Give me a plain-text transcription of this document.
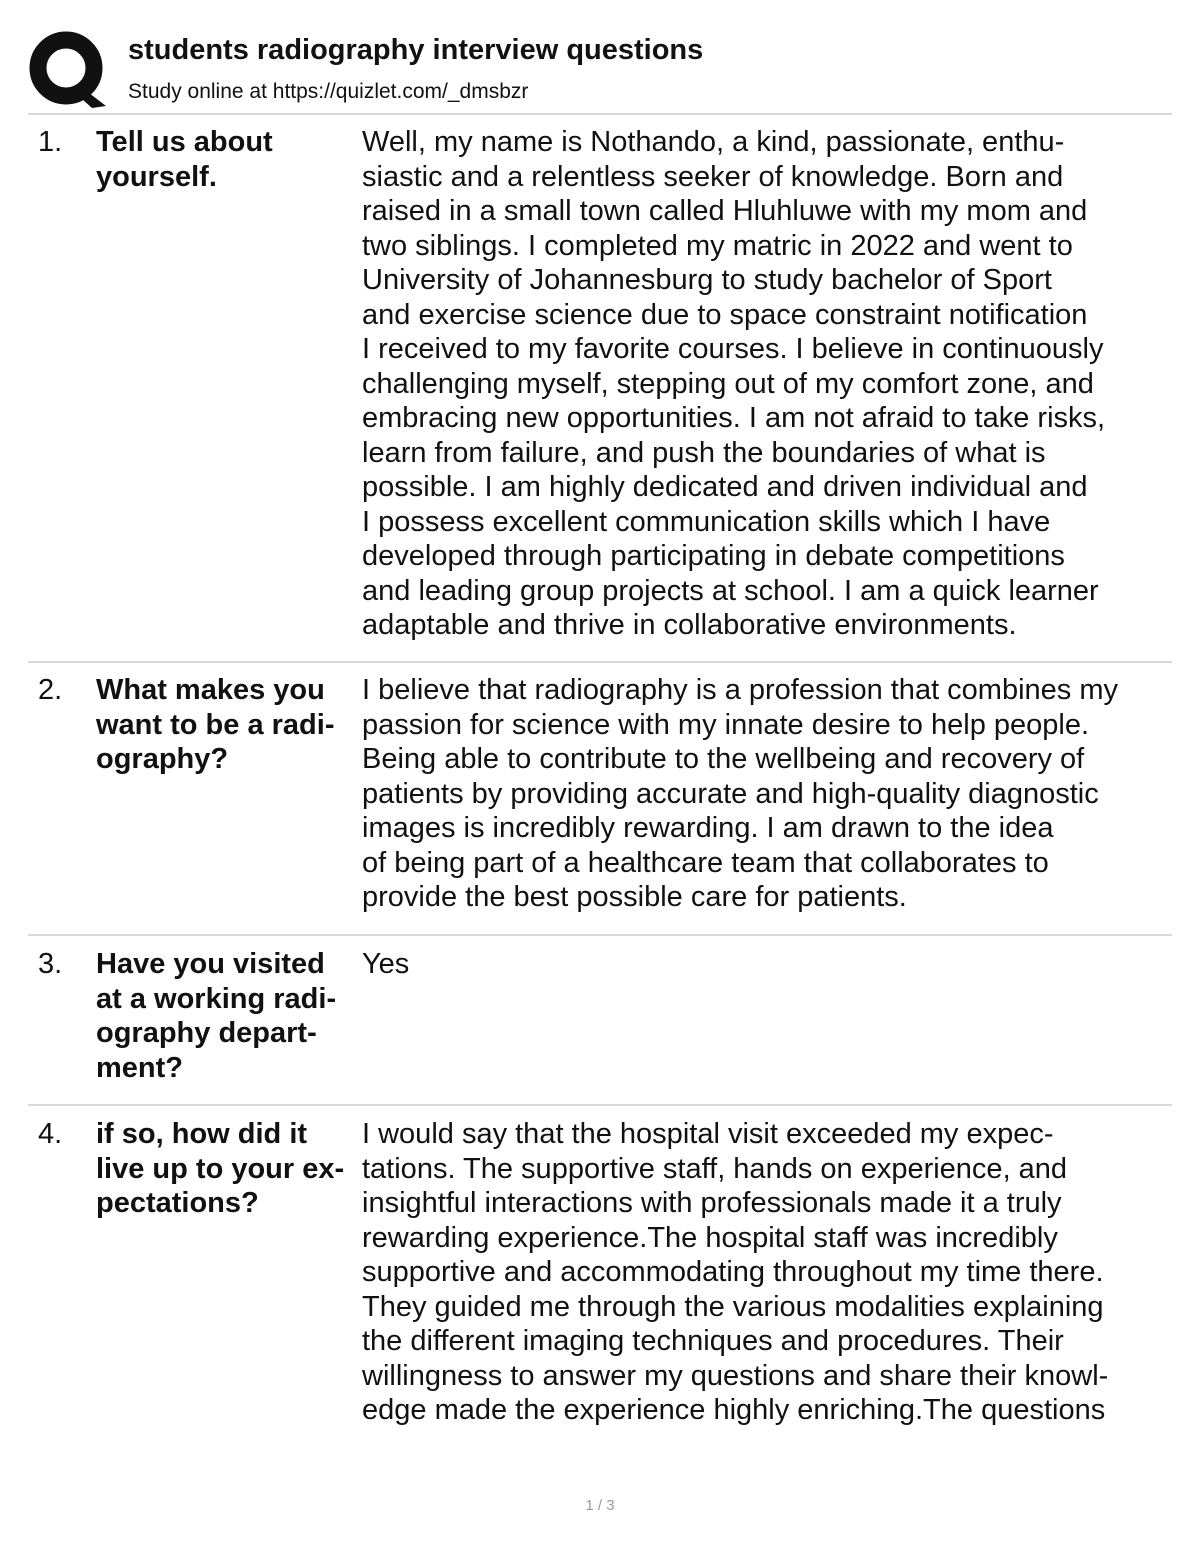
students radiography interview questions
Study online at https://quizlet.com/_dmsbzr
1. Tell us about
yourself.
Well, my name is Nothando, a kind, passionate, enthu-
siastic and a relentless seeker of knowledge. Born and
raised in a small town called Hluhluwe with my mom and
two siblings. I completed my matric in 2022 and went to
University of Johannesburg to study bachelor of Sport
and exercise science due to space constraint notification
I received to my favorite courses. I believe in continuously
challenging myself, stepping out of my comfort zone, and
embracing new opportunities. I am not afraid to take risks,
learn from failure, and push the boundaries of what is
possible. I am highly dedicated and driven individual and
I possess excellent communication skills which I have
developed through participating in debate competitions
and leading group projects at school. I am a quick learner
adaptable and thrive in collaborative environments.
2. What makes you
want to be a radi-
ography?
I believe that radiography is a profession that combines my
passion for science with my innate desire to help people.
Being able to contribute to the wellbeing and recovery of
patients by providing accurate and high-quality diagnostic
images is incredibly rewarding. I am drawn to the idea
of being part of a healthcare team that collaborates to
provide the best possible care for patients.
3. Have you visited
at a working radi-
ography depart-
ment?
Yes
4. if so, how did it
live up to your ex-
pectations?
I would say that the hospital visit exceeded my expec-
tations. The supportive staff, hands on experience, and
insightful interactions with professionals made it a truly
rewarding experience.The hospital staff was incredibly
supportive and accommodating throughout my time there.
They guided me through the various modalities explaining
the different imaging techniques and procedures. Their
willingness to answer my questions and share their knowl-
edge made the experience highly enriching.The questions
1 / 3
